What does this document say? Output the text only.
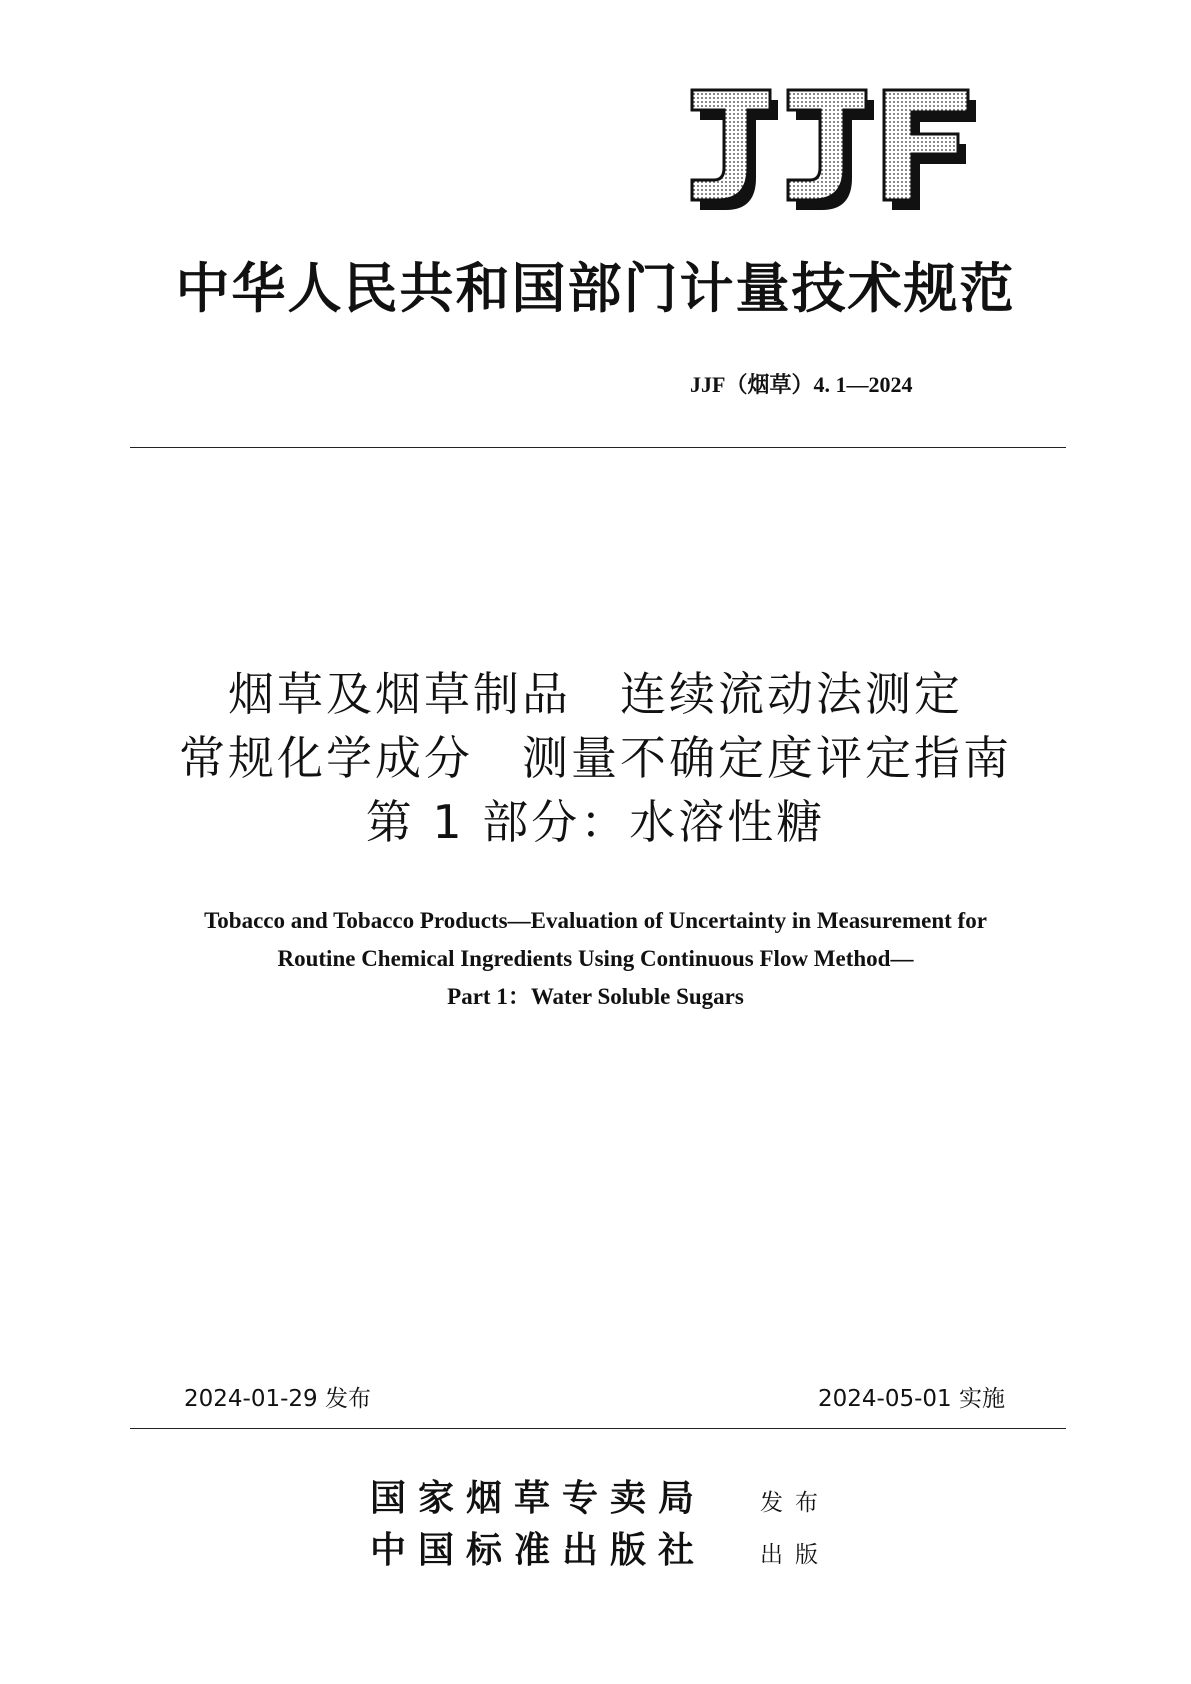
中华人民共和国部门计量技术规范
JJF（烟草）4. 1—2024
烟草及烟草制品　连续流动法测定
常规化学成分　测量不确定度评定指南
第 1 部分：水溶性糖
Tobacco and Tobacco Products—Evaluation of Uncertainty in Measurement for
Routine Chemical Ingredients Using Continuous Flow Method—
Part 1：Water Soluble Sugars
2024-01-29 发布	2024-05-01 实施
国家烟草专卖局 发布
中国标准出版社 出版
